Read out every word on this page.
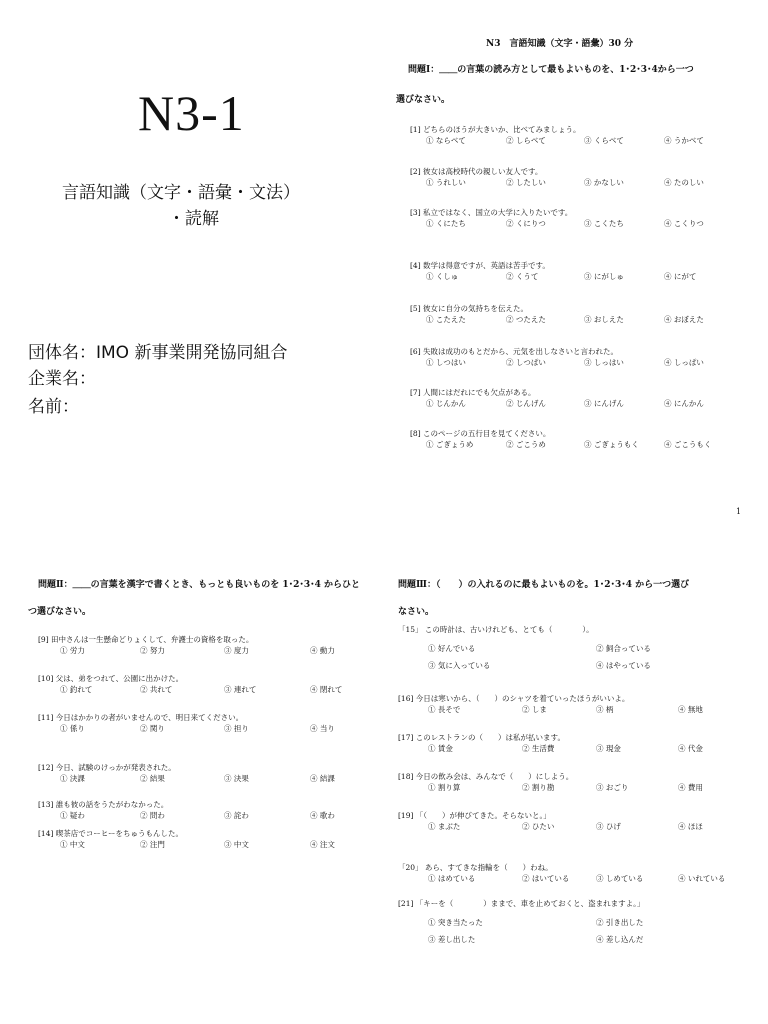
N3-1
言語知識（文字・語彙・文法）
・読解
団体名：IMO 新事業開発協同組合
企業名：
名前：
N3　言語知識（文字・語彙）30 分
問題Ⅰ：＿＿の言葉の読み方として最もよいものを、1･2･3･4から一つ
選びなさい。
[1] どちらのほうが大きいか、比べてみましょう。
① ならべて	② しらべて	③ くらべて	④ うかべて
[2] 彼女は高校時代の親しい友人です。
① うれしい	② したしい	③ かなしい	④ たのしい
[3] 私立ではなく、国立の大学に入りたいです。
① くにたち	② くにりつ	③ こくたち	④ こくりつ
[4] 数学は得意ですが、英語は苦手です。
① くしゅ	② くうて	③ にがしゅ	④ にがて
[5] 彼女に自分の気持ちを伝えた。
① こたえた	② つたえた	③ おしえた	④ おぼえた
[6] 失敗は成功のもとだから、元気を出しなさいと言われた。
① しつはい	② しつぱい	③ しっはい	④ しっぱい
[7] 人間にはだれにでも欠点がある。
① じんかん	② じんげん	③ にんげん	④ にんかん
[8] このページの五行目を見てください。
① ごぎょうめ	② ごこうめ	③ ごぎょうもく	④ ごこうもく
1
問題Ⅱ：＿＿の言葉を漢字で書くとき、もっとも良いものを 1･2･3･4 からひと
つ選びなさい。
[9] 田中さんは一生懸命どりょくして、弁護士の資格を取った。
① 労力	② 努力	③ 度力	④ 動力
[10] 父は、弟をつれて、公園に出かけた。
① 釣れて	② 共れて	③ 連れて	④ 閉れて
[11] 今日はかかりの者がいませんので、明日来てください。
① 係り	② 関り	③ 担り	④ 当り
[12] 今日、試験のけっかが発表された。
① 決課	② 結果	③ 決果	④ 結課
[13] 誰も彼の話をうたがわなかった。
① 疑わ	② 問わ	③ 詫わ	④ 歌わ
[14] 喫茶店でコーヒーをちゅうもんした。
① 中文	② 注門	③ 中文	④ 注文
問題Ⅲ：（　　）の入れるのに最もよいものを。1･2･3･4 から一つ選び
なさい。
「15」 この時計は、古いけれども、とても（　　　　）。
① 好んでいる	② 飼合っている
③ 気に入っている	④ はやっている
[16] 今日は寒いから、（　　）のシャツを着ていったほうがいいよ。
① 長そで	② しま	③ 柄	④ 無地
[17] このレストランの（　　）は私が払います。
① 賃金	② 生活費	③ 現金	④ 代金
[18] 今日の飲み会は、みんなで（　　）にしよう。
① 割り算	② 割り勘	③ おごり	④ 費用
[19] 「（　　）が伸びてきた。そらないと。」
① まぶた	② ひたい	③ ひげ	④ ほほ
「20」 あら、すてきな指輪を（　　）わね。
① はめている	② はいている	③ しめている	④ いれている
[21] 「キーを（　　　　）ままで、車を止めておくと、盗まれますよ。」
① 突き当たった	② 引き出した
③ 差し出した	④ 差し込んだ
